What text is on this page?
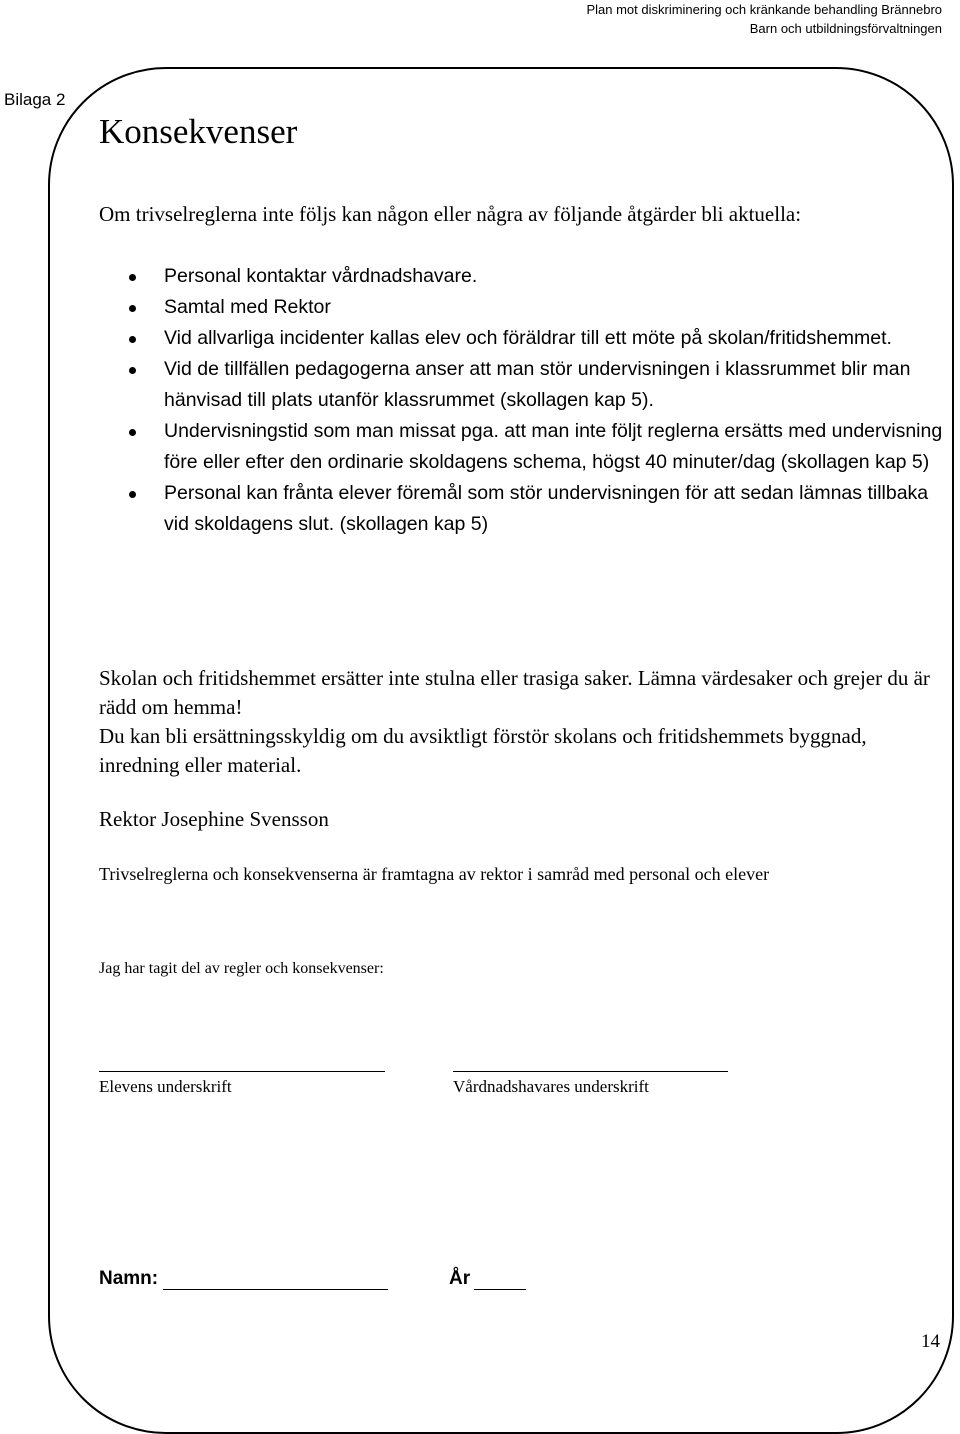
Plan mot diskriminering och kränkande behandling Brännebro
Barn och utbildningsförvaltningen
Bilaga 2
Konsekvenser
Om trivselreglerna inte följs kan någon eller några av följande åtgärder bli aktuella:
Personal kontaktar vårdnadshavare.
Samtal med Rektor
Vid allvarliga incidenter kallas elev och föräldrar till ett möte på skolan/fritidshemmet.
Vid de tillfällen pedagogerna anser att man stör undervisningen i klassrummet blir man hänvisad till plats utanför klassrummet (skollagen kap 5).
Undervisningstid som man missat pga. att man inte följt reglerna ersätts med undervisning före eller efter den ordinarie skoldagens schema, högst 40 minuter/dag (skollagen kap 5)
Personal kan frånta elever föremål som stör undervisningen för att sedan lämnas tillbaka vid skoldagens slut. (skollagen kap 5)
Skolan och fritidshemmet ersätter inte stulna eller trasiga saker. Lämna värdesaker och grejer du är rädd om hemma!
Du kan bli ersättningsskyldig om du avsiktligt förstör skolans och fritidshemmets byggnad, inredning eller material.
Rektor Josephine Svensson
Trivselreglerna och konsekvenserna är framtagna av rektor i samråd med personal och elever
Jag har tagit del av regler och konsekvenser:
Elevens underskrift	Vårdnadshavares underskrift
Namn:	År
14
